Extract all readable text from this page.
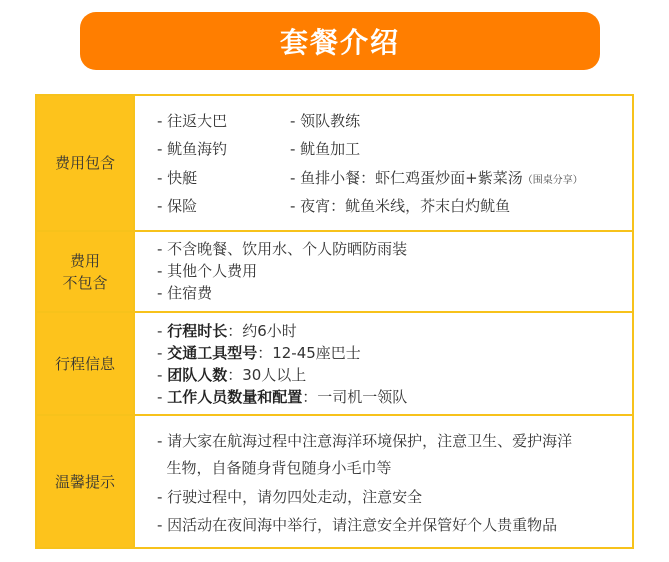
套餐介绍
费用包含
- 往返大巴
- 鱿鱼海钓
- 快艇
- 保险
- 领队教练
- 鱿鱼加工
- 鱼排小餐：虾仁鸡蛋炒面+紫菜汤（围桌分享）
- 夜宵：鱿鱼米线，芥末白灼鱿鱼
费用
不包含
- 不含晚餐、饮用水、个人防晒防雨装
- 其他个人费用
- 住宿费
行程信息
- 行程时长：约6小时
- 交通工具型号：12-45座巴士
- 团队人数：30人以上
- 工作人员数量和配置：一司机一领队
温馨提示
- 请大家在航海过程中注意海洋环境保护，注意卫生、爱护海洋
生物，自备随身背包随身小毛巾等
- 行驶过程中，请勿四处走动，注意安全
- 因活动在夜间海中举行，请注意安全并保管好个人贵重物品
